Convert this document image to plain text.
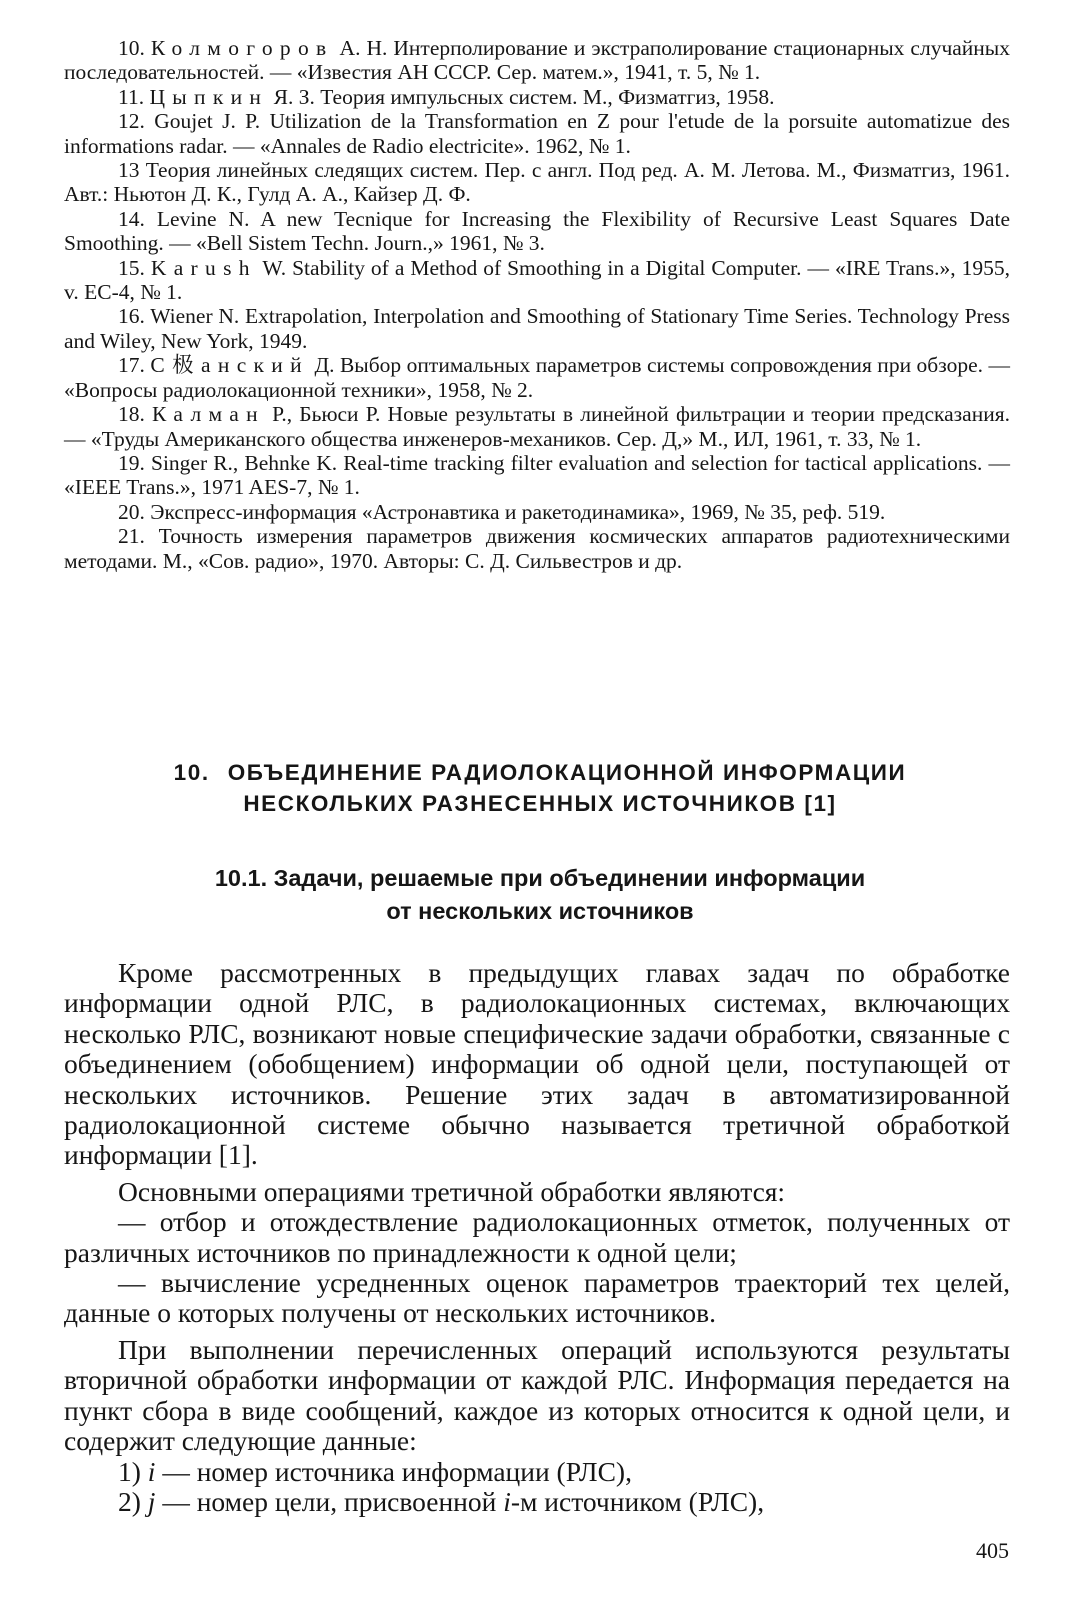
10. Колмогоров А. Н. Интерполирование и экстраполирование стационарных случайных последовательностей. — «Известия АН СССР. Сер. матем.», 1941, т. 5, № 1.

11. Цыпкин Я. З. Теория импульсных систем. М., Физматгиз, 1958.

12. Goujet J. P. Utilization de la Transformation en Z pour l'etude de la porsuite automatizue des informations radar. — «Annales de Radio electricite». 1962, № 1.

13 Теория линейных следящих систем. Пер. с англ. Под ред. А. М. Летова. М., Физматгиз, 1961. Авт.: Ньютон Д. К., Гулд А. А., Кайзер Д. Ф.

14. Levine N. A new Tecnique for Increasing the Flexibility of Recursive Least Squares Date Smoothing. — «Bell Sistem Techn. Journ.,» 1961, № 3.

15. Karush W. Stability of a Method of Smoothing in a Digital Computer. — «IRE Trans.», 1955, v. EC-4, № 1.

16. Wiener N. Extrapolation, Interpolation and Smoothing of Stationary Time Series. Technology Press and Wiley, New York, 1949.

17. С极анский Д. Выбор оптимальных параметров системы сопровождения при обзоре. — «Вопросы радиолокационной техники», 1958, № 2.

18. Калман Р., Бьюси Р. Новые результаты в линейной фильтрации и теории предсказания. — «Труды Американского общества инженеров-механиков. Сер. Д,» М., ИЛ, 1961, т. 33, № 1.

19. Singer R., Behnke K. Real-time tracking filter evaluation and selection for tactical applications. — «IEEE Trans.», 1971 AES-7, № 1.

20. Экспресс-информация «Астронавтика и ракетодинамика», 1969, № 35, реф. 519.

21. Точность измерения параметров движения космических аппаратов радиотехническими методами. М., «Сов. радио», 1970. Авторы: С. Д. Сильвестров и др.

10. ОБЪЕДИНЕНИЕ РАДИОЛОКАЦИОННОЙ ИНФОРМАЦИИ
НЕСКОЛЬКИХ РАЗНЕСЕННЫХ ИСТОЧНИКОВ [1]
10.1. Задачи, решаемые при объединении информации
от нескольких источников

Кроме рассмотренных в предыдущих главах задач по обработке информации одной РЛС, в радиолокационных системах, включающих несколько РЛС, возникают новые специфические задачи обработки, связанные с объединением (обобщением) информации об одной цели, поступающей от нескольких источников. Решение этих задач в автоматизированной радиолокационной системе обычно называется третичной обработкой информации [1].

Основными операциями третичной обработки являются:

— отбор и отождествление радиолокационных отметок, полученных от различных источников по принадлежности к одной цели;

— вычисление усредненных оценок параметров траекторий тех целей, данные о которых получены от нескольких источников.

При выполнении перечисленных операций используются результаты вторичной обработки информации от каждой РЛС. Информация передается на пункт сбора в виде сообщений, каждое из которых относится к одной цели, и содержит следующие данные:

1) i — номер источника информации (РЛС),

2) j — номер цели, присвоенной i-м источником (РЛС),

405
